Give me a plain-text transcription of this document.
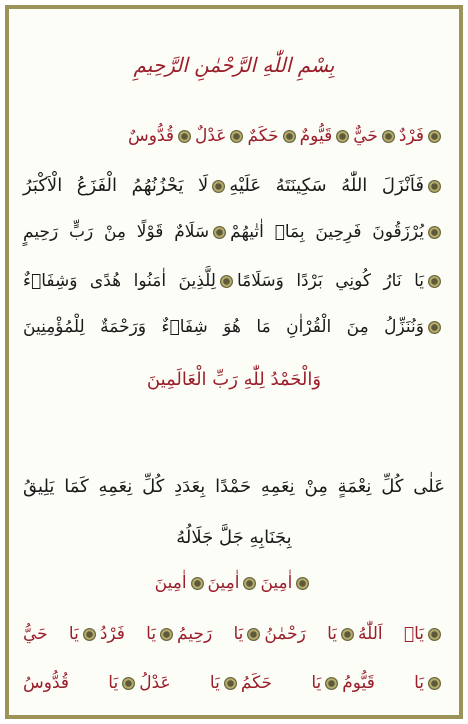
بِسْمِ اللّٰهِ الرَّحْمٰنِ الرَّحِيمِ
فَرْدٌحَيٌّقَيُّومٌحَكَمٌعَدْلٌقُدُّوسٌ
فَاَنْزَلَ اللّٰهُ سَكِينَتَهُ عَلَيْهِلَا يَحْزُنُهُمُ الْفَزَعُ الْاَكْبَرُ
يُرْزَقُونَ فَرِحِينَ بِمَاۤ اٰتٰيهُمْسَلَامٌ قَوْلًا مِنْ رَبٍّ رَحِيمٍ
يَا نَارُ كُونِي بَرْدًا وَسَلَامًالِلَّذِينَ اٰمَنُوا هُدًى وَشِفَاۤءٌ
وَنُنَزِّلُ مِنَ الْقُرْاٰنِ مَا هُوَ شِفَاۤءٌ وَرَحْمَةٌ لِلْمُؤْمِنِينَ
وَالْحَمْدُ لِلّٰهِ رَبِّ الْعَالَمِينَ
عَلٰى كُلِّ نِعْمَةٍ مِنْ نِعَمِهِ حَمْدًا بِعَدَدِ كُلِّ نِعَمِهِ كَمَا يَلِيقُ
بِجَنَابِهِ جَلَّ جَلَالُهُ
اٰمِينَاٰمِينَاٰمِينَ
يَاۤ اَللّٰهُيَا رَحْمٰنُيَا رَحِيمُيَا فَرْدُيَا حَيُّ
يَا قَيُّومُيَا حَكَمُيَا عَدْلُيَا قُدُّوسُ
